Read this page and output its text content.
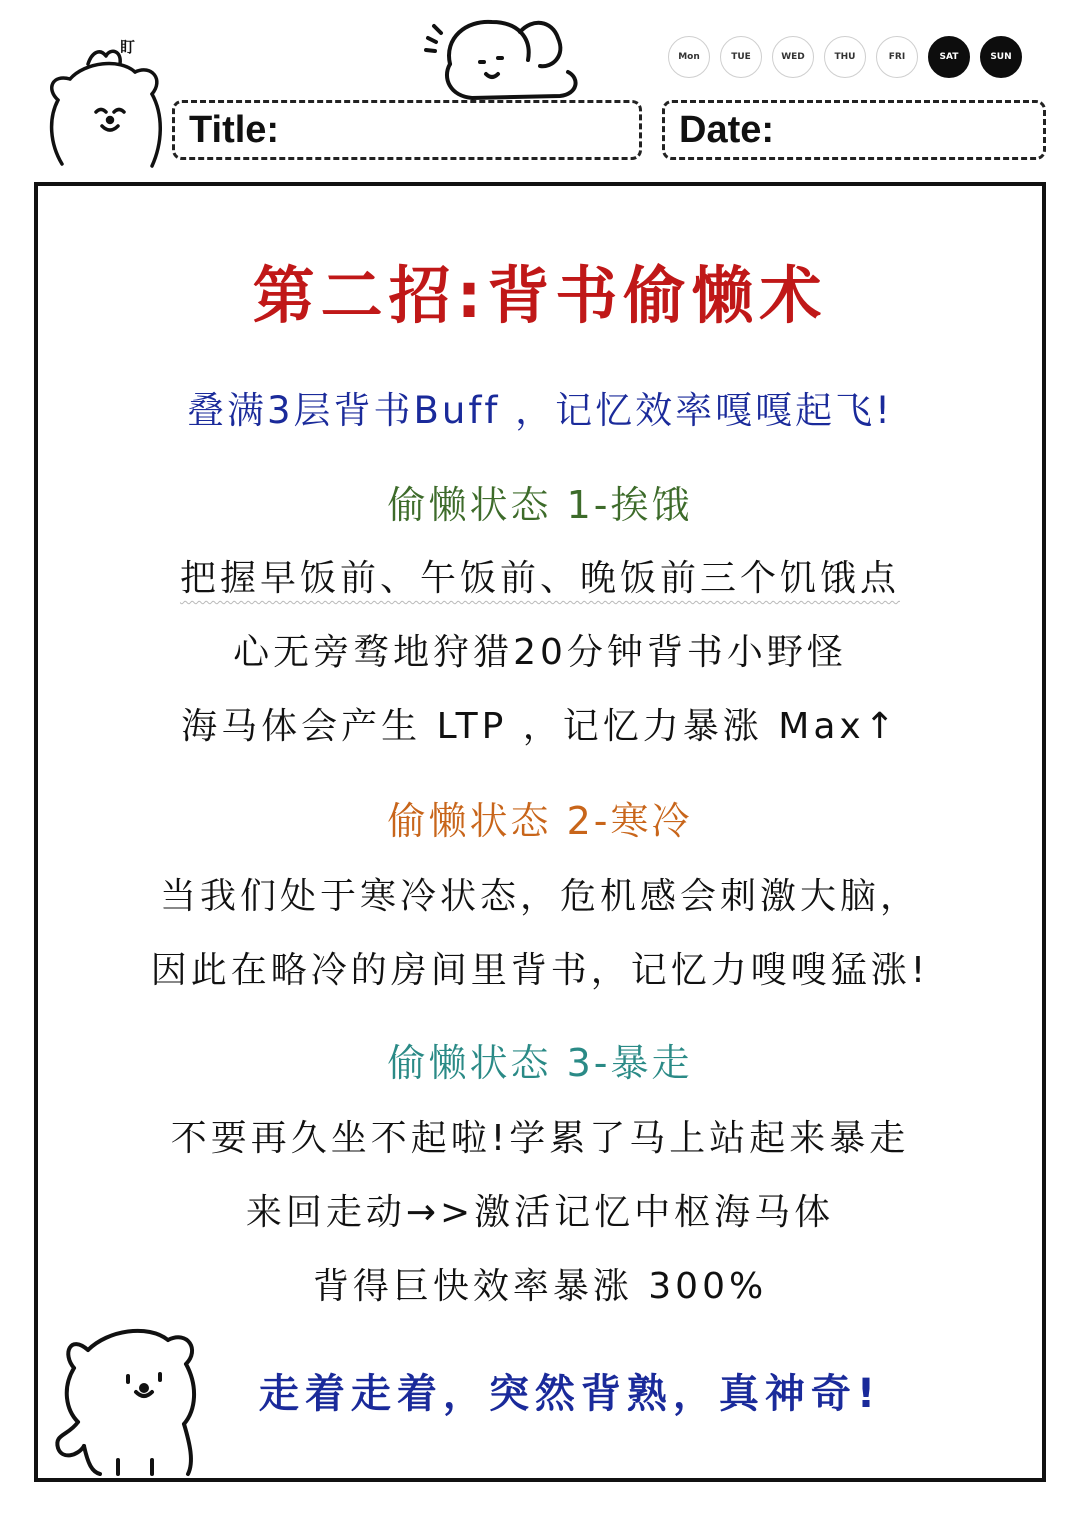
盯
Mon	TUE	WED	THU	FRI	SAT	SUN
Title:	Date:
第二招:背书偷懒术
叠满3层背书Buff ，记忆效率嘎嘎起飞!
偷懒状态 1-挨饿
把握早饭前、午饭前、晚饭前三个饥饿点
心无旁骛地狩猎20分钟背书小野怪
海马体会产生 LTP ，记忆力暴涨 Max↑
偷懒状态 2-寒冷
当我们处于寒冷状态，危机感会刺激大脑，
因此在略冷的房间里背书，记忆力嗖嗖猛涨!
偷懒状态 3-暴走
不要再久坐不起啦!学累了马上站起来暴走
来回走动→>激活记忆中枢海马体
背得巨快效率暴涨 300%
走着走着，突然背熟，真神奇!
